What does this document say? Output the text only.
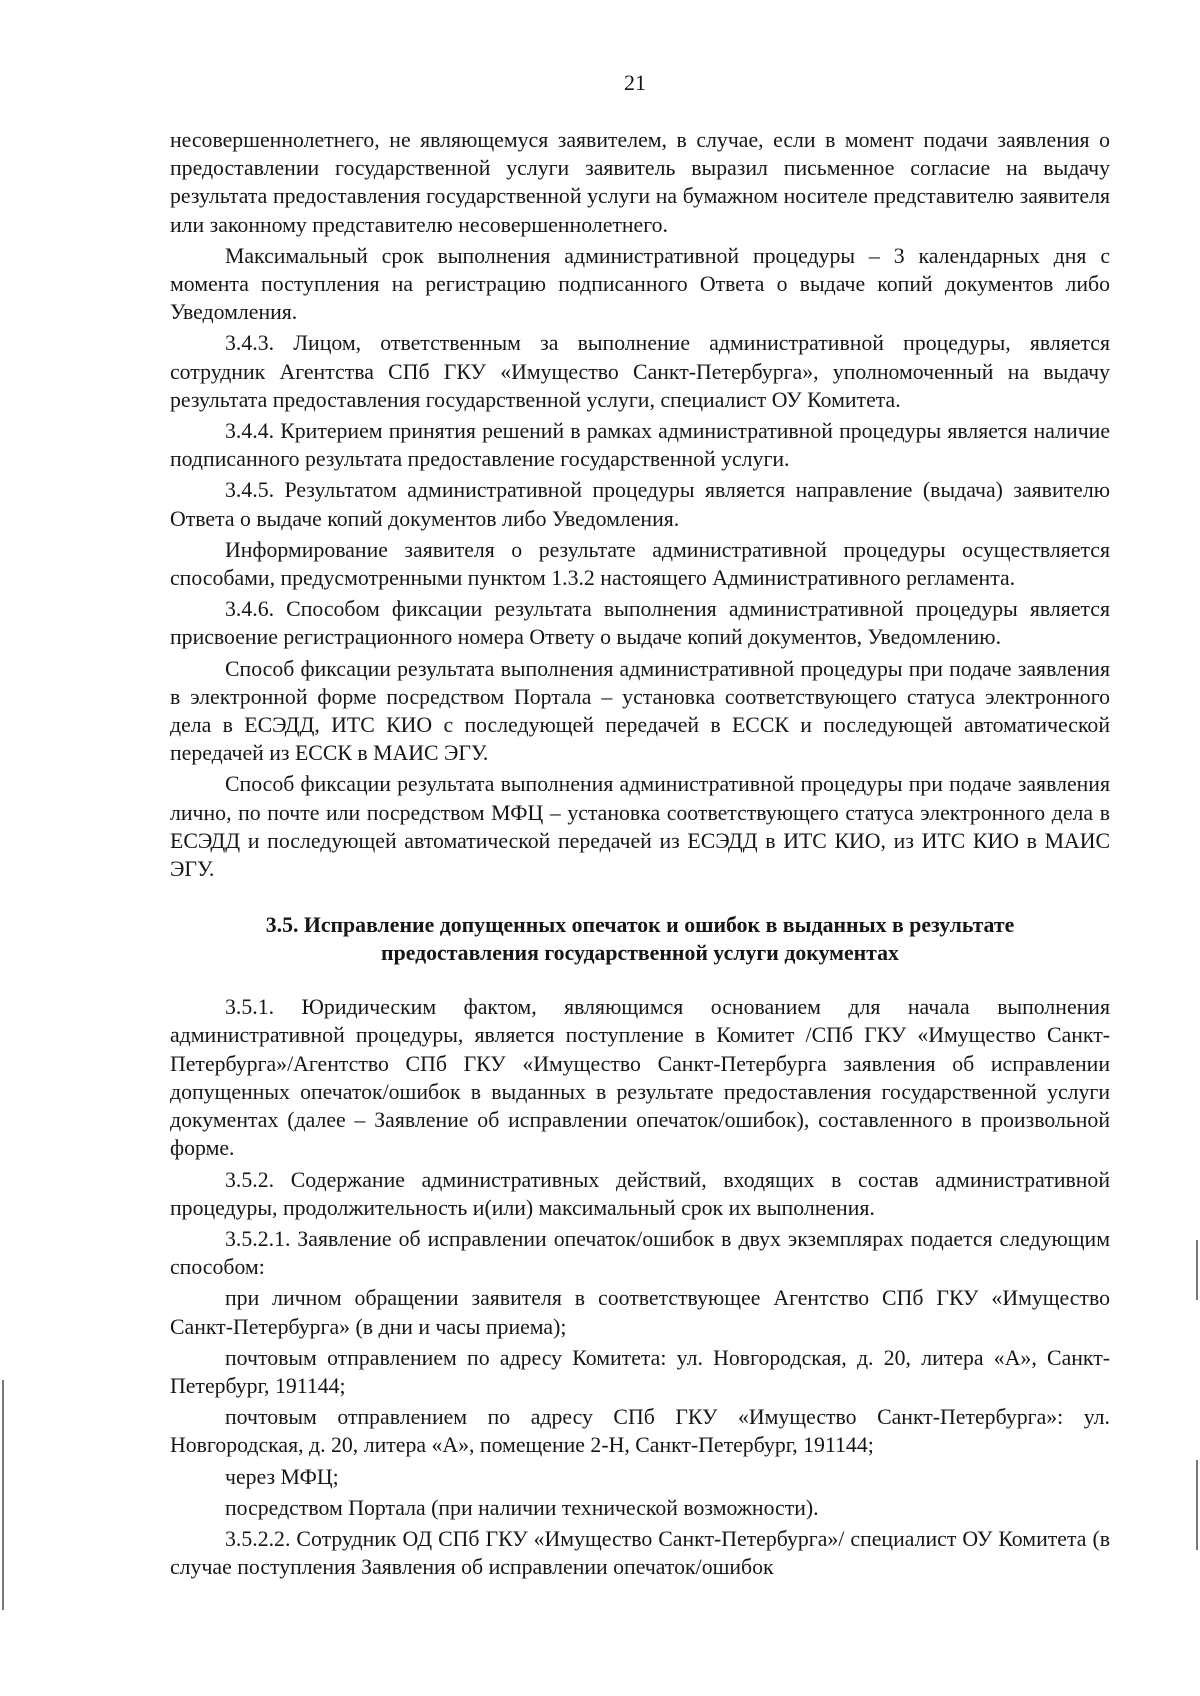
21

несовершеннолетнего, не являющемуся заявителем, в случае, если в момент подачи заявления о предоставлении государственной услуги заявитель выразил письменное согласие на выдачу результата предоставления государственной услуги на бумажном носителе представителю заявителя или законному представителю несовершеннолетнего.

Максимальный срок выполнения административной процедуры – 3 календарных дня с момента поступления на регистрацию подписанного Ответа о выдаче копий документов либо Уведомления.

3.4.3. Лицом, ответственным за выполнение административной процедуры, является сотрудник Агентства СПб ГКУ «Имущество Санкт-Петербурга», уполномоченный на выдачу результата предоставления государственной услуги, специалист ОУ Комитета.

3.4.4. Критерием принятия решений в рамках административной процедуры является наличие подписанного результата предоставление государственной услуги.

3.4.5. Результатом административной процедуры является направление (выдача) заявителю Ответа о выдаче копий документов либо Уведомления.

Информирование заявителя о результате административной процедуры осуществляется способами, предусмотренными пунктом 1.3.2 настоящего Административного регламента.

3.4.6. Способом фиксации результата выполнения административной процедуры является присвоение регистрационного номера Ответу о выдаче копий документов, Уведомлению.

Способ фиксации результата выполнения административной процедуры при подаче заявления в электронной форме посредством Портала – установка соответствующего статуса электронного дела в ЕСЭДД, ИТС КИО с последующей передачей в ЕССК и последующей автоматической передачей из ЕССК в МАИС ЭГУ.

Способ фиксации результата выполнения административной процедуры при подаче заявления лично, по почте или посредством МФЦ – установка соответствующего статуса электронного дела в ЕСЭДД и последующей автоматической передачей из ЕСЭДД в ИТС КИО, из ИТС КИО в МАИС ЭГУ.

3.5. Исправление допущенных опечаток и ошибок в выданных в результате
предоставления государственной услуги документах

3.5.1. Юридическим фактом, являющимся основанием для начала выполнения административной процедуры, является поступление в Комитет /СПб ГКУ «Имущество Санкт-Петербурга»/Агентство СПб ГКУ «Имущество Санкт-Петербурга заявления об исправлении допущенных опечаток/ошибок в выданных в результате предоставления государственной услуги документах (далее – Заявление об исправлении опечаток/ошибок), составленного в произвольной форме.

3.5.2. Содержание административных действий, входящих в состав административной процедуры, продолжительность и(или) максимальный срок их выполнения.

3.5.2.1. Заявление об исправлении опечаток/ошибок в двух экземплярах подается следующим способом:

при личном обращении заявителя в соответствующее Агентство СПб ГКУ «Имущество Санкт-Петербурга» (в дни и часы приема);

почтовым отправлением по адресу Комитета: ул. Новгородская, д. 20, литера «А», Санкт-Петербург, 191144;

почтовым отправлением по адресу СПб ГКУ «Имущество Санкт-Петербурга»: ул. Новгородская, д. 20, литера «А», помещение 2-Н, Санкт-Петербург, 191144;

через МФЦ;

посредством Портала (при наличии технической возможности).

3.5.2.2. Сотрудник ОД СПб ГКУ «Имущество Санкт-Петербурга»/ специалист ОУ Комитета (в случае поступления Заявления об исправлении опечаток/ошибок
